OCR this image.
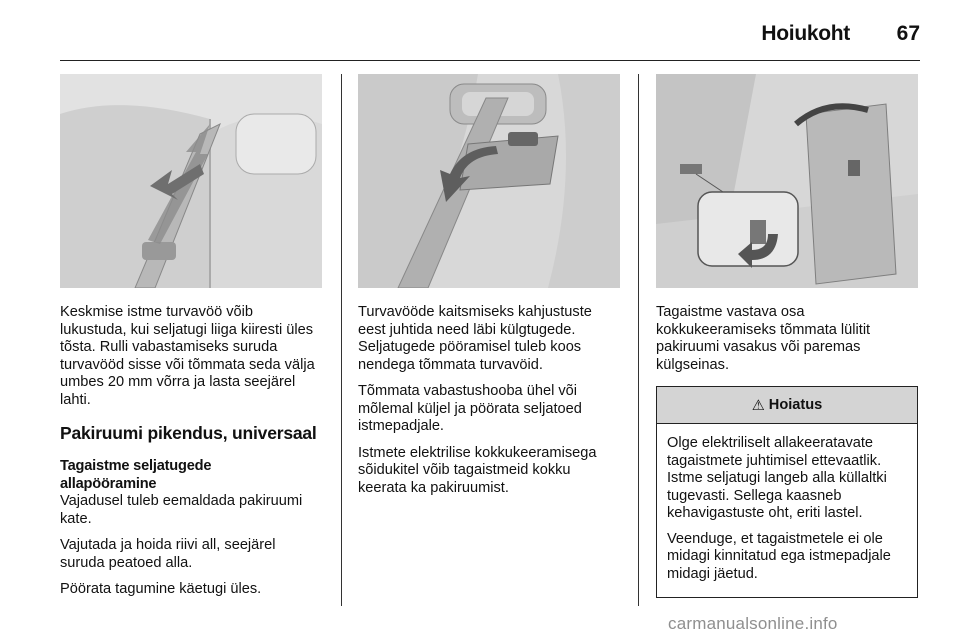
Hoiukoht 67

Keskmise istme turvavöö võib lukustuda, kui seljatugi liiga kiiresti üles tõsta. Rulli vabastamiseks suruda turvavööd sisse või tõmmata seda välja umbes 20 mm võrra ja lasta seejärel lahti.

Pakiruumi pikendus, universaal
Tagaistme seljatugede
allapööramine

Vajadusel tuleb eemaldada pakiruumi kate.

Vajutada ja hoida riivi all, seejärel suruda peatoed alla.

Pöörata tagumine käetugi üles.

Turvavööde kaitsmiseks kahjustuste eest juhtida need läbi külgtugede. Seljatugede pööramisel tuleb koos nendega tõmmata turvavöid.

Tõmmata vabastushooba ühel või mõlemal küljel ja pöörata seljatoed istmepadjale.

Istmete elektrilise kokkukeeramisega sõidukitel võib tagaistmeid kokku keerata ka pakiruumist.

Tagaistme vastava osa kokkukeeramiseks tõmmata lülitit pakiruumi vasakus või paremas külgseinas.

⚠ Hoiatus

Olge elektriliselt allakeeratavate tagaistmete juhtimisel ettevaatlik. Istme seljatugi langeb alla küllaltki tugevasti. Sellega kaasneb kehavigastuste oht, eriti lastel.

Veenduge, et tagaistmetele ei ole midagi kinnitatud ega istmepadjale midagi jäetud.

carmanualsonline.info
